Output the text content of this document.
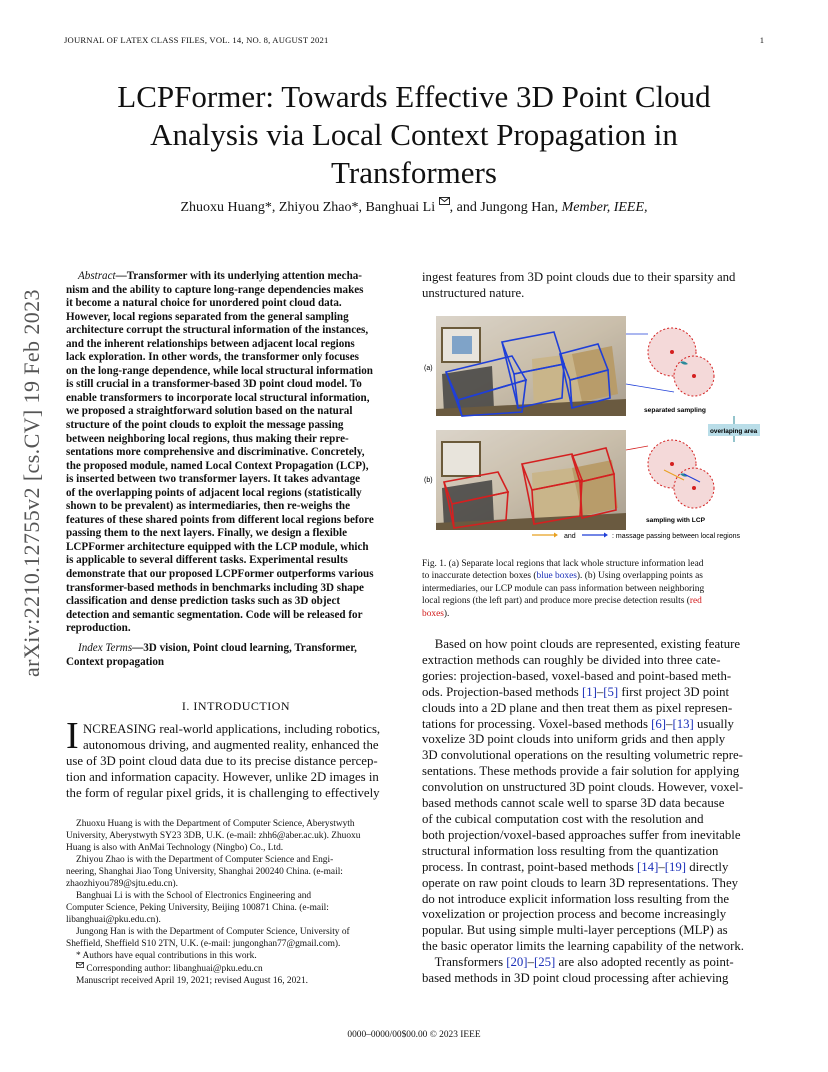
JOURNAL OF LATEX CLASS FILES, VOL. 14, NO. 8, AUGUST 2021	1
LCPFormer: Towards Effective 3D Point Cloud
Analysis via Local Context Propagation in
Transformers
Zhuoxu Huang*, Zhiyou Zhao*, Banghuai Li , and Jungong Han, Member, IEEE,
arXiv:2210.12755v2 [cs.CV] 19 Feb 2023
Abstract—Transformer with its underlying attention mecha-
nism and the ability to capture long-range dependencies makes
it become a natural choice for unordered point cloud data.
However, local regions separated from the general sampling
architecture corrupt the structural information of the instances,
and the inherent relationships between adjacent local regions
lack exploration. In other words, the transformer only focuses
on the long-range dependence, while local structural information
is still crucial in a transformer-based 3D point cloud model. To
enable transformers to incorporate local structural information,
we proposed a straightforward solution based on the natural
structure of the point clouds to exploit the message passing
between neighboring local regions, thus making their repre-
sentations more comprehensive and discriminative. Concretely,
the proposed module, named Local Context Propagation (LCP),
is inserted between two transformer layers. It takes advantage
of the overlapping points of adjacent local regions (statistically
shown to be prevalent) as intermediaries, then re-weighs the
features of these shared points from different local regions before
passing them to the next layers. Finally, we design a flexible
LCPFormer architecture equipped with the LCP module, which
is applicable to several different tasks. Experimental results
demonstrate that our proposed LCPFormer outperforms various
transformer-based methods in benchmarks including 3D shape
classification and dense prediction tasks such as 3D object
detection and semantic segmentation. Code will be released for
reproduction.
Index Terms—3D vision, Point cloud learning, Transformer,
Context propagation
I. INTRODUCTION
I NCREASING real-world applications, including robotics,
autonomous driving, and augmented reality, enhanced the
use of 3D point cloud data due to its precise distance percep-
tion and information capacity. However, unlike 2D images in
the form of regular pixel grids, it is challenging to effectively
Zhuoxu Huang is with the Department of Computer Science, Aberystwyth
University, Aberystwyth SY23 3DB, U.K. (e-mail: zhh6@aber.ac.uk). Zhuoxu
Huang is also with AnMai Technology (Ningbo) Co., Ltd.
Zhiyou Zhao is with the Department of Computer Science and Engi-
neering, Shanghai Jiao Tong University, Shanghai 200240 China. (e-mail:
zhaozhiyou789@sjtu.edu.cn).
Banghuai Li is with the School of Electronics Engineering and
Computer Science, Peking University, Beijing 100871 China. (e-mail:
libanghuai@pku.edu.cn).
Jungong Han is with the Department of Computer Science, University of
Sheffield, Sheffield S10 2TN, U.K. (e-mail: jungonghan77@gmail.com).
* Authors have equal contributions in this work.
Corresponding author: libanghuai@pku.edu.cn
Manuscript received April 19, 2021; revised August 16, 2021.
ingest features from 3D point clouds due to their sparsity and
unstructured nature.
overlaping area
(a)
(b)
separated sampling
sampling with LCP
and	: massage passing between local regions
Fig. 1. (a) Separate local regions that lack whole structure information lead
to inaccurate detection boxes (blue boxes). (b) Using overlapping points as
intermediaries, our LCP module can pass information between neighboring
local regions (the left part) and produce more precise detection results (red
boxes).
Based on how point clouds are represented, existing feature
extraction methods can roughly be divided into three cate-
gories: projection-based, voxel-based and point-based meth-
ods. Projection-based methods [1]–[5] first project 3D point
clouds into a 2D plane and then treat them as pixel represen-
tations for processing. Voxel-based methods [6]–[13] usually
voxelize 3D point clouds into uniform grids and then apply
3D convolutional operations on the resulting volumetric repre-
sentations. These methods provide a fair solution for applying
convolution on unstructured 3D point clouds. However, voxel-
based methods cannot scale well to sparse 3D data because
of the cubical computation cost with the resolution and
both projection/voxel-based approaches suffer from inevitable
structural information loss resulting from the quantization
process. In contrast, point-based methods [14]–[19] directly
operate on raw point clouds to learn 3D representations. They
do not introduce explicit information loss resulting from the
voxelization or projection process and become increasingly
popular. But using simple multi-layer perceptions (MLP) as
the basic operator limits the learning capability of the network.
Transformers [20]–[25] are also adopted recently as point-
based methods in 3D point cloud processing after achieving
0000–0000/00$00.00 © 2023 IEEE
